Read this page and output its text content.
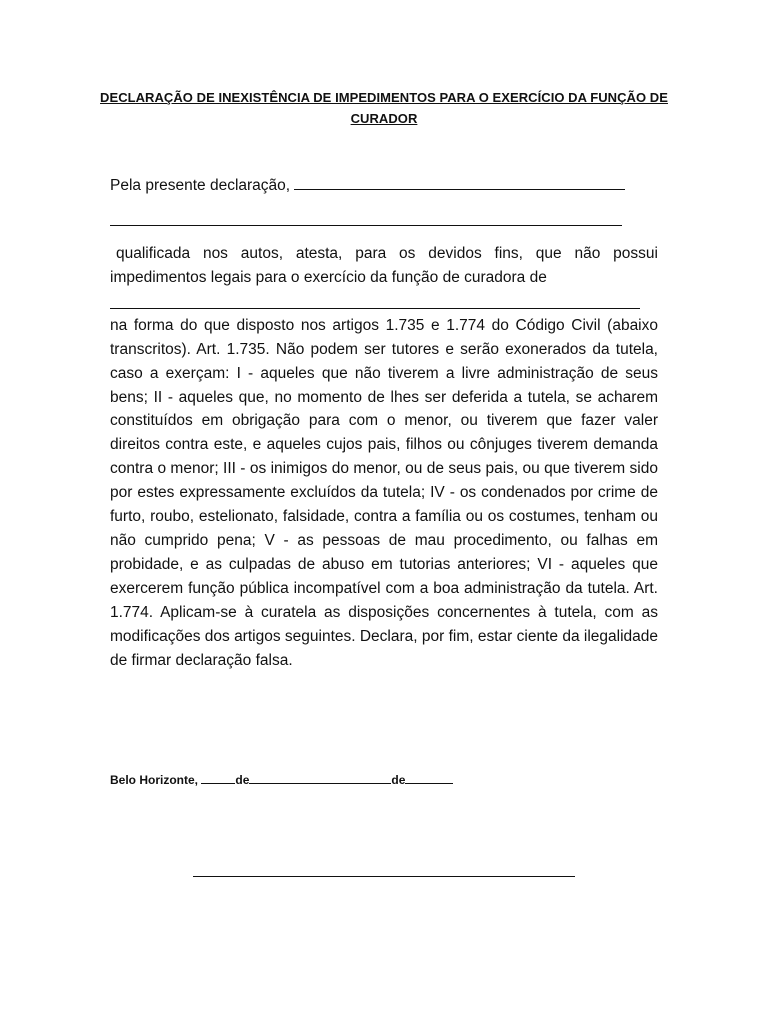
DECLARAÇÃO DE INEXISTÊNCIA DE IMPEDIMENTOS PARA O EXERCÍCIO DA FUNÇÃO DE CURADOR
Pela presente declaração,

qualificada nos autos, atesta, para os devidos fins, que não possui impedimentos legais para o exercício da função de curadora de

na forma do que disposto nos artigos 1.735 e 1.774 do Código Civil (abaixo transcritos). Art. 1.735. Não podem ser tutores e serão exonerados da tutela, caso a exerçam: I - aqueles que não tiverem a livre administração de seus bens; II - aqueles que, no momento de lhes ser deferida a tutela, se acharem constituídos em obrigação para com o menor, ou tiverem que fazer valer direitos contra este, e aqueles cujos pais, filhos ou cônjuges tiverem demanda contra o menor; III - os inimigos do menor, ou de seus pais, ou que tiverem sido por estes expressamente excluídos da tutela; IV - os condenados por crime de furto, roubo, estelionato, falsidade, contra a família ou os costumes, tenham ou não cumprido pena; V - as pessoas de mau procedimento, ou falhas em probidade, e as culpadas de abuso em tutorias anteriores; VI - aqueles que exercerem função pública incompatível com a boa administração da tutela. Art. 1.774. Aplicam-se à curatela as disposições concernentes à tutela, com as modificações dos artigos seguintes. Declara, por fim, estar ciente da ilegalidade de firmar declaração falsa.

Belo Horizonte,	de	de
